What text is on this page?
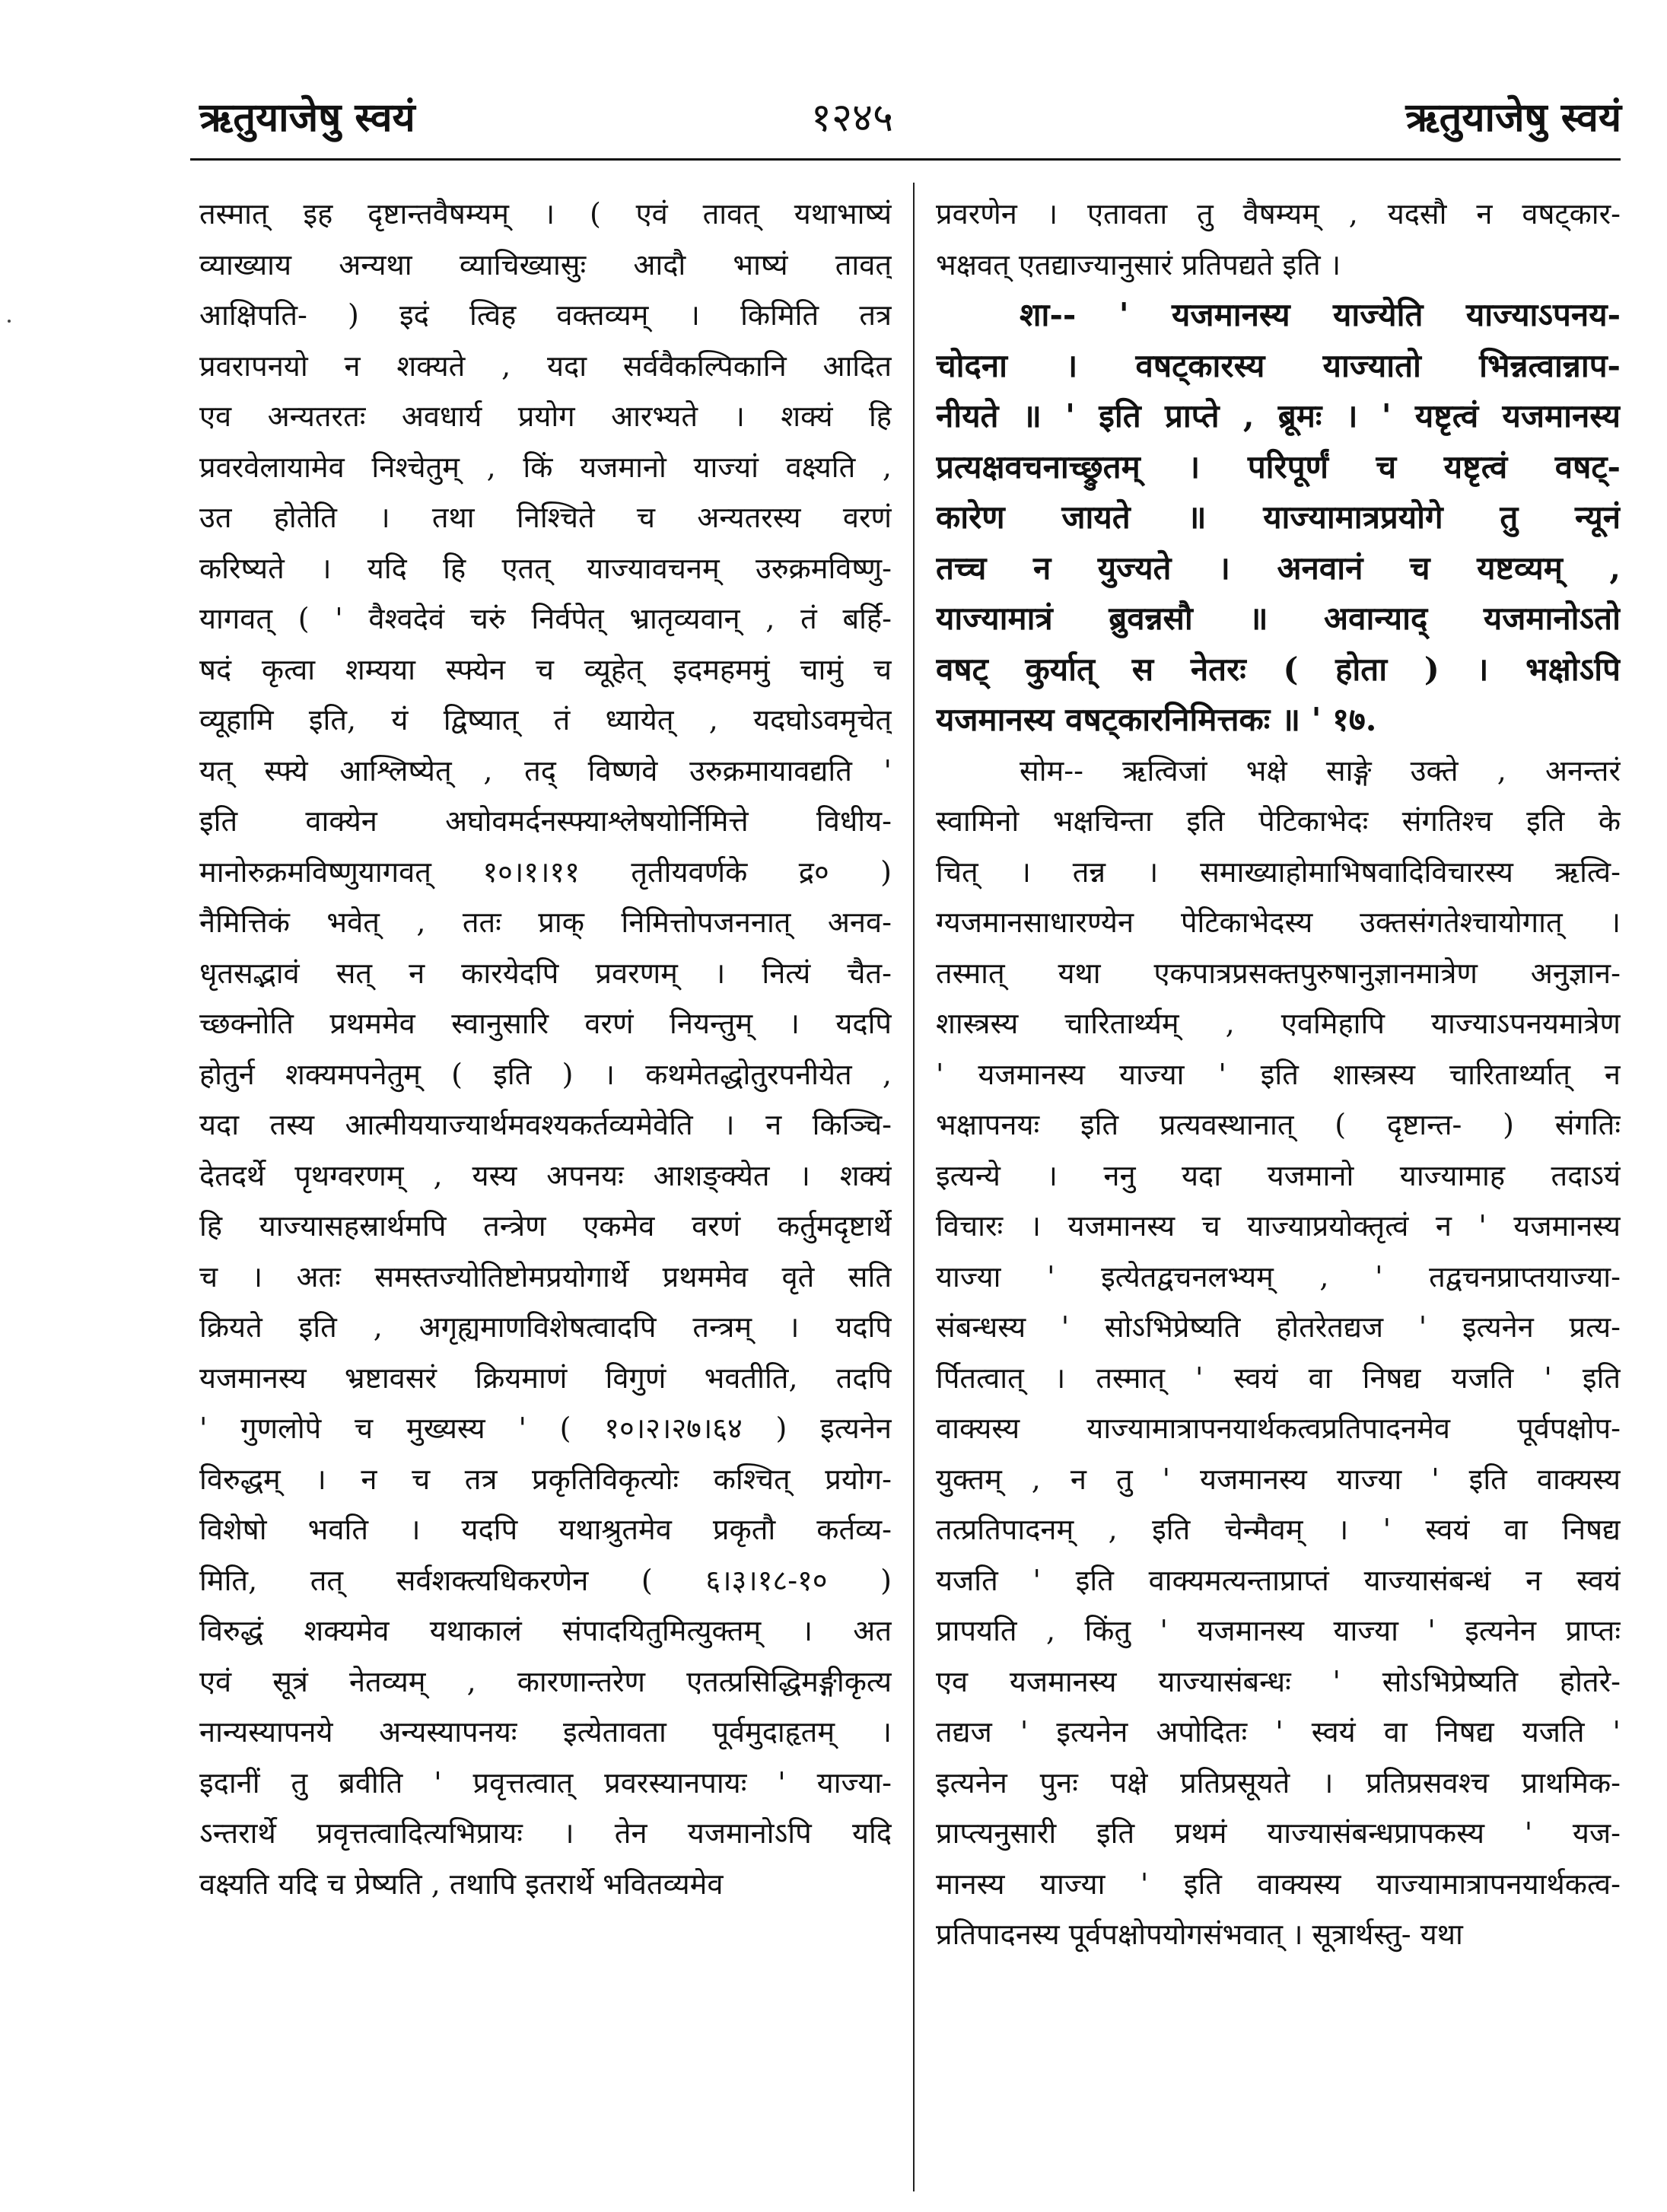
ऋतुयाजेषु स्वयं	१२४५	ऋतुयाजेषु स्वयं
तस्मात् इह दृष्टान्तवैषम्यम् । ( एवं तावत् यथाभाष्यं
व्याख्याय अन्यथा व्याचिख्यासुः आदौ भाष्यं तावत्
आक्षिपति- ) इदं त्विह वक्तव्यम् । किमिति तत्र
प्रवरापनयो न शक्यते , यदा सर्ववैकल्पिकानि आदित
एव अन्यतरतः अवधार्य प्रयोग आरभ्यते । शक्यं हि
प्रवरवेलायामेव निश्चेतुम् , किं यजमानो याज्यां वक्ष्यति ,
उत होतेति । तथा निश्चिते च अन्यतरस्य वरणं
करिष्यते । यदि हि एतत् याज्यावचनम् उरुक्रमविष्णु-
यागवत् ( ' वैश्वदेवं चरुं निर्वपेत् भ्रातृव्यवान् , तं बर्हि-
षदं कृत्वा शम्यया स्फ्येन च व्यूहेत् इदमहममुं चामुं च
व्यूहामि इति, यं द्विष्यात् तं ध्यायेत् , यदघोऽवमृचेत्
यत् स्फ्ये आश्लिष्येत् , तद् विष्णवे उरुक्रमायावद्यति '
इति वाक्येन अघोवमर्दनस्फ्याश्लेषयोर्निमित्ते विधीय-
मानोरुक्रमविष्णुयागवत् १०।१।११ तृतीयवर्णके द्र० )
नैमित्तिकं भवेत् , ततः प्राक् निमित्तोपजननात् अनव-
धृतसद्भावं सत् न कारयेदपि प्रवरणम् । नित्यं चैत-
च्छक्नोति प्रथममेव स्वानुसारि वरणं नियन्तुम् । यदपि
होतुर्न शक्यमपनेतुम् ( इति ) । कथमेतद्धोतुरपनीयेत ,
यदा तस्य आत्मीययाज्यार्थमवश्यकर्तव्यमेवेति । न किञ्चि-
देतदर्थे पृथग्वरणम् , यस्य अपनयः आशङ्क्येत । शक्यं
हि याज्यासहस्रार्थमपि तन्त्रेण एकमेव वरणं कर्तुमदृष्टार्थे
च । अतः समस्तज्योतिष्टोमप्रयोगार्थे प्रथममेव वृते सति
क्रियते इति , अगृह्यमाणविशेषत्वादपि तन्त्रम् । यदपि
यजमानस्य भ्रष्टावसरं क्रियमाणं विगुणं भवतीति, तदपि
' गुणलोपे च मुख्यस्य ' ( १०।२।२७।६४ ) इत्यनेन
विरुद्धम् । न च तत्र प्रकृतिविकृत्योः कश्चित् प्रयोग-
विशेषो भवति । यदपि यथाश्रुतमेव प्रकृतौ कर्तव्य-
मिति, तत् सर्वशक्त्यधिकरणेन ( ६।३।१८-१० )
विरुद्धं शक्यमेव यथाकालं संपादयितुमित्युक्तम् । अत
एवं सूत्रं नेतव्यम् , कारणान्तरेण एतत्प्रसिद्धिमङ्गीकृत्य
नान्यस्यापनये अन्यस्यापनयः इत्येतावता पूर्वमुदाहृतम् ।
इदानीं तु ब्रवीति ' प्रवृत्तत्वात् प्रवरस्यानपायः ' याज्या-
ऽन्तरार्थे प्रवृत्तत्वादित्यभिप्रायः । तेन यजमानोऽपि यदि
वक्ष्यति यदि च प्रेष्यति , तथापि इतरार्थे भवितव्यमेव
प्रवरणेन । एतावता तु वैषम्यम् , यदसौ न वषट्कार-
भक्षवत् एतद्याज्यानुसारं प्रतिपद्यते इति ।
शा-- ' यजमानस्य याज्येति याज्याऽपनय-
चोदना । वषट्कारस्य याज्यातो भिन्नत्वान्नाप-
नीयते ॥ ' इति प्राप्ते , ब्रूमः । ' यष्टृत्वं यजमानस्य
प्रत्यक्षवचनाच्छ्रुतम् । परिपूर्णं च यष्टृत्वं वषट्-
कारेण जायते ॥ याज्यामात्रप्रयोगे तु न्यूनं
तच्च न युज्यते । अनवानं च यष्टव्यम् ,
याज्यामात्रं ब्रुवन्नसौ ॥ अवान्याद् यजमानोऽतो
वषट् कुर्यात् स नेतरः ( होता ) । भक्षोऽपि
यजमानस्य वषट्कारनिमित्तकः ॥ ' १७.
सोम-- ऋत्विजां भक्षे साङ्गे उक्ते , अनन्तरं
स्वामिनो भक्षचिन्ता इति पेटिकाभेदः संगतिश्च इति के
चित् । तन्न । समाख्याहोमाभिषवादिविचारस्य ऋत्वि-
ग्यजमानसाधारण्येन पेटिकाभेदस्य उक्तसंगतेश्चायोगात् ।
तस्मात् यथा एकपात्रप्रसक्तपुरुषानुज्ञानमात्रेण अनुज्ञान-
शास्त्रस्य चारितार्थ्यम् , एवमिहापि याज्याऽपनयमात्रेण
' यजमानस्य याज्या ' इति शास्त्रस्य चारितार्थ्यात् न
भक्षापनयः इति प्रत्यवस्थानात् ( दृष्टान्त- ) संगतिः
इत्यन्ये । ननु यदा यजमानो याज्यामाह तदाऽयं
विचारः । यजमानस्य च याज्याप्रयोक्तृत्वं न ' यजमानस्य
याज्या ' इत्येतद्वचनलभ्यम् , ' तद्वचनप्राप्तयाज्या-
संबन्धस्य ' सोऽभिप्रेष्यति होतरेतद्यज ' इत्यनेन प्रत्य-
र्पितत्वात् । तस्मात् ' स्वयं वा निषद्य यजति ' इति
वाक्यस्य याज्यामात्रापनयार्थकत्वप्रतिपादनमेव पूर्वपक्षोप-
युक्तम् , न तु ' यजमानस्य याज्या ' इति वाक्यस्य
तत्प्रतिपादनम् , इति चेन्मैवम् । ' स्वयं वा निषद्य
यजति ' इति वाक्यमत्यन्ताप्राप्तं याज्यासंबन्धं न स्वयं
प्रापयति , किंतु ' यजमानस्य याज्या ' इत्यनेन प्राप्तः
एव यजमानस्य याज्यासंबन्धः ' सोऽभिप्रेष्यति होतरे-
तद्यज ' इत्यनेन अपोदितः ' स्वयं वा निषद्य यजति '
इत्यनेन पुनः पक्षे प्रतिप्रसूयते । प्रतिप्रसवश्च प्राथमिक-
प्राप्त्यनुसारी इति प्रथमं याज्यासंबन्धप्रापकस्य ' यज-
मानस्य याज्या ' इति वाक्यस्य याज्यामात्रापनयार्थकत्व-
प्रतिपादनस्य पूर्वपक्षोपयोगसंभवात् । सूत्रार्थस्तु- यथा
